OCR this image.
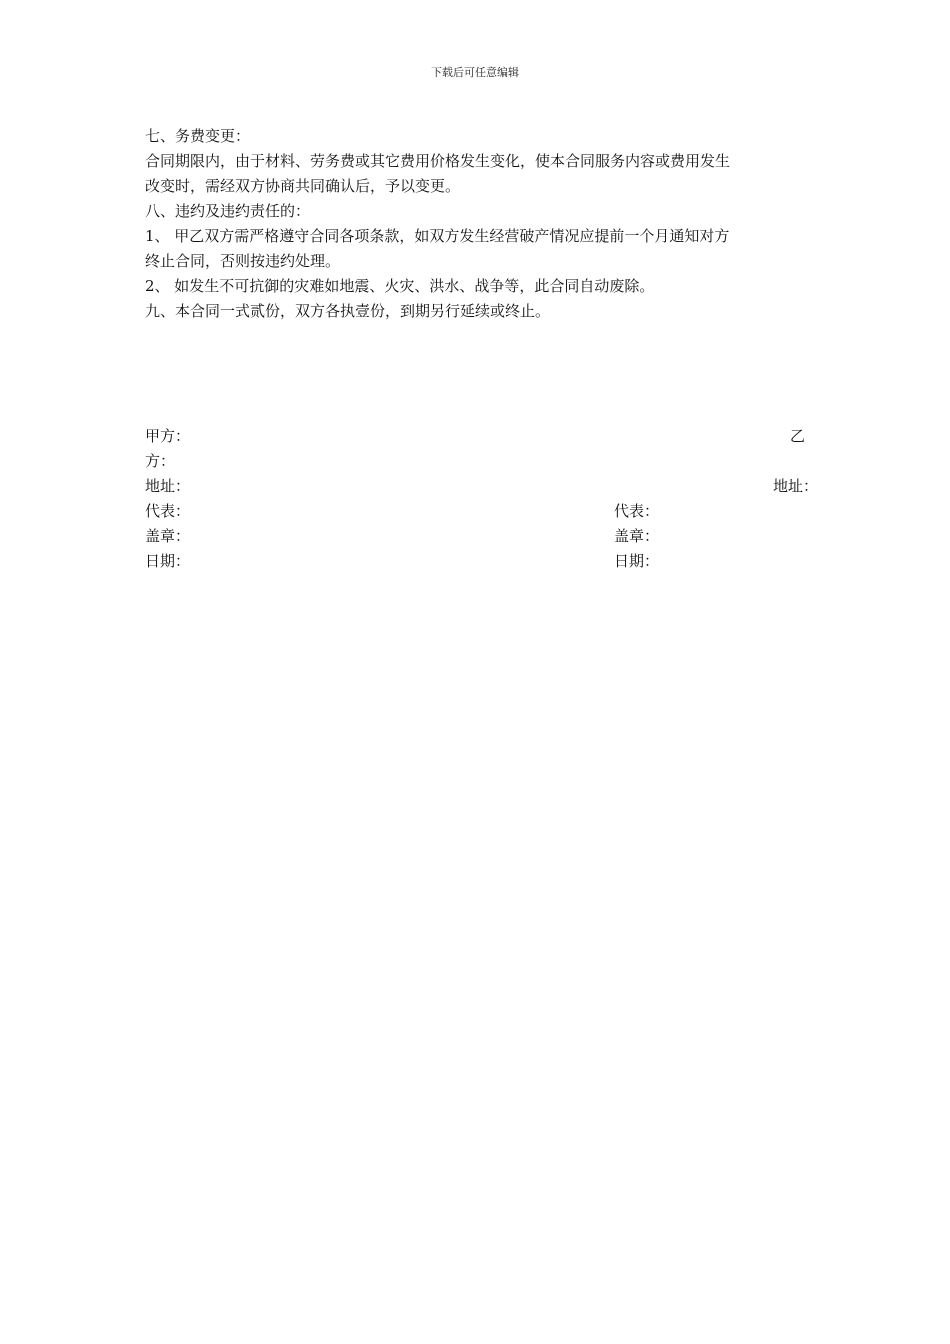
下载后可任意编辑

七、务费变更：

合同期限内，由于材料、劳务费或其它费用价格发生变化，使本合同服务内容或费用发生

改变时，需经双方协商共同确认后，予以变更。

八、违约及违约责任的：

1、 甲乙双方需严格遵守合同各项条款，如双方发生经营破产情况应提前一个月通知对方

终止合同，否则按违约处理。

2、 如发生不可抗御的灾难如地震、火灾、洪水、战争等，此合同自动废除。

九、本合同一式贰份，双方各执壹份，到期另行延续或终止。

甲方：	乙
方：
地址：	地址：
代表：	代表：
盖章：	盖章：
日期：	日期：
